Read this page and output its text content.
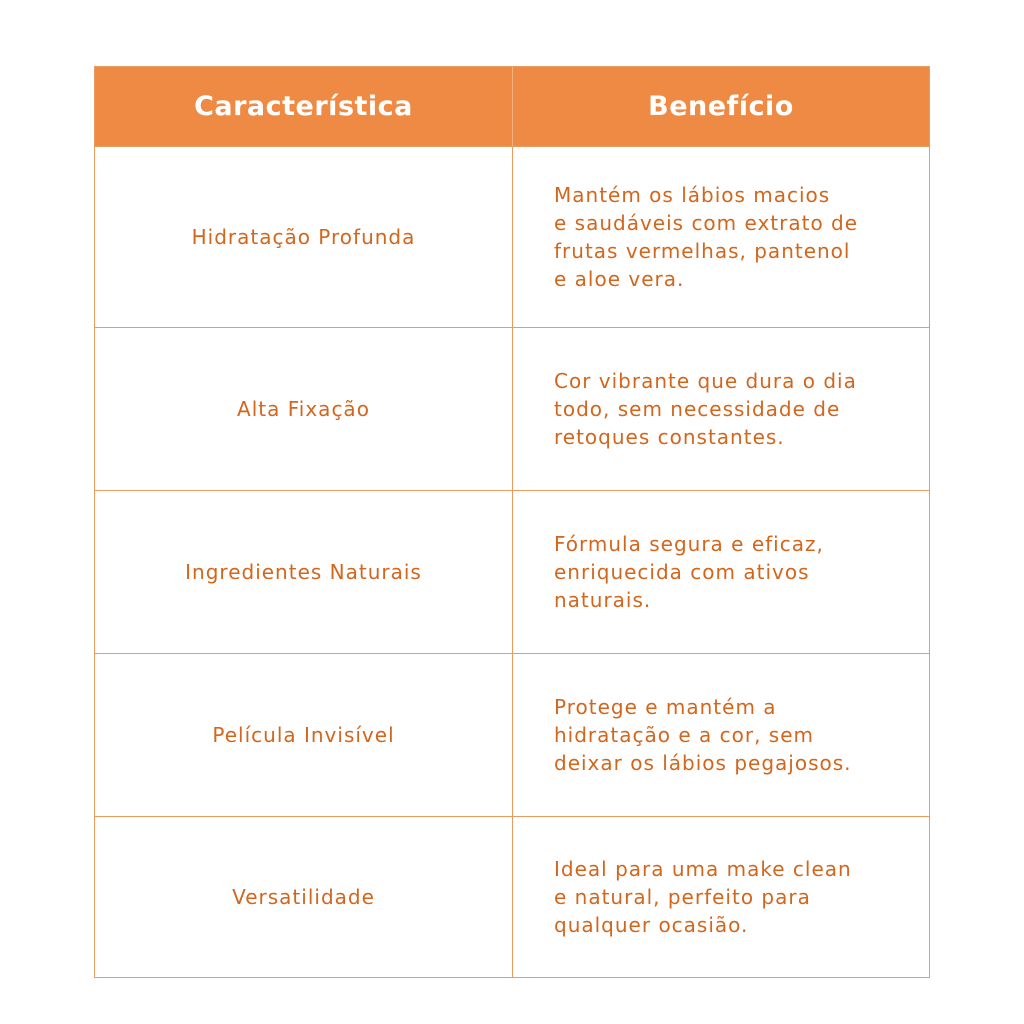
Característica	Benefício
Hidratação Profunda
Mantém os lábios macios
e saudáveis com extrato de
frutas vermelhas, pantenol
e aloe vera.
Alta Fixação
Cor vibrante que dura o dia
todo, sem necessidade de
retoques constantes.
Ingredientes Naturais
Fórmula segura e eficaz,
enriquecida com ativos
naturais.
Película Invisível
Protege e mantém a
hidratação e a cor, sem
deixar os lábios pegajosos.
Versatilidade
Ideal para uma make clean
e natural, perfeito para
qualquer ocasião.
